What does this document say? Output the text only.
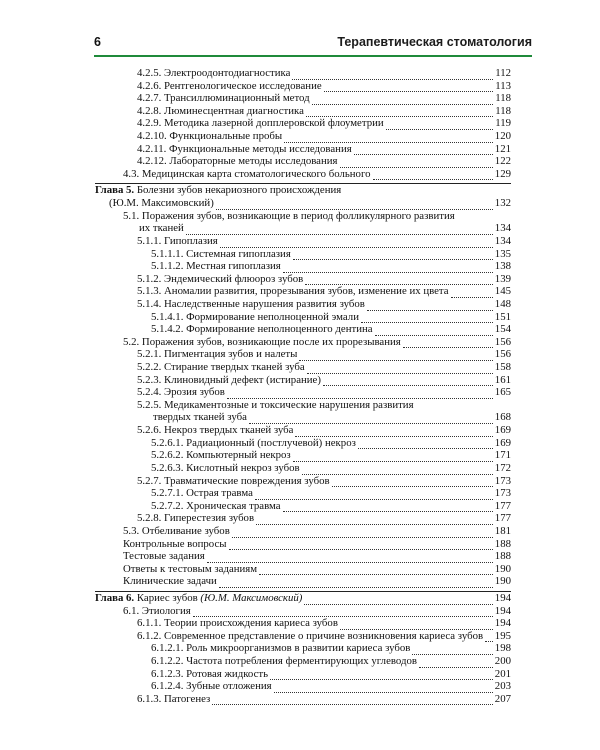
6	Терапевтическая стоматология
4.2.5. Электроодонтодиагностика	112
4.2.6. Рентгенологическое исследование	113
4.2.7. Трансиллюминационный метод	118
4.2.8. Люминесцентная диагностика	118
4.2.9. Методика лазерной допплеровской флоуметрии	119
4.2.10. Функциональные пробы	120
4.2.11. Функциональные методы исследования	121
4.2.12. Лабораторные методы исследования	122
4.3. Медицинская карта стоматологического больного	129
Глава 5. Болезни зубов некариозного происхождения
(Ю.М. Максимовский)	132
5.1. Поражения зубов, возникающие в период фолликулярного развития
их тканей	134
5.1.1. Гипоплазия	134
5.1.1.1. Системная гипоплазия	135
5.1.1.2. Местная гипоплазия	138
5.1.2. Эндемический флюороз зубов	139
5.1.3. Аномалии развития, прорезывания зубов, изменение их цвета	145
5.1.4. Наследственные нарушения развития зубов	148
5.1.4.1. Формирование неполноценной эмали	151
5.1.4.2. Формирование неполноценного дентина	154
5.2. Поражения зубов, возникающие после их прорезывания	156
5.2.1. Пигментация зубов и налеты	156
5.2.2. Стирание твердых тканей зуба	158
5.2.3. Клиновидный дефект (истирание)	161
5.2.4. Эрозия зубов	165
5.2.5. Медикаментозные и токсические нарушения развития
твердых тканей зуба	168
5.2.6. Некроз твердых тканей зуба	169
5.2.6.1. Радиационный (постлучевой) некроз	169
5.2.6.2. Компьютерный некроз	171
5.2.6.3. Кислотный некроз зубов	172
5.2.7. Травматические повреждения зубов	173
5.2.7.1. Острая травма	173
5.2.7.2. Хроническая травма	177
5.2.8. Гиперестезия зубов	177
5.3. Отбеливание зубов	181
Контрольные вопросы	188
Тестовые задания	188
Ответы к тестовым заданиям	190
Клинические задачи	190
Глава 6. Кариес зубов (Ю.М. Максимовский)	194
6.1. Этиология	194
6.1.1. Теории происхождения кариеса зубов	194
6.1.2. Современное представление о причине возникновения кариеса зубов 195
6.1.2.1. Роль микроорганизмов в развитии кариеса зубов	198
6.1.2.2. Частота потребления ферментирующих углеводов	200
6.1.2.3. Ротовая жидкость	201
6.1.2.4. Зубные отложения	203
6.1.3. Патогенез	207
